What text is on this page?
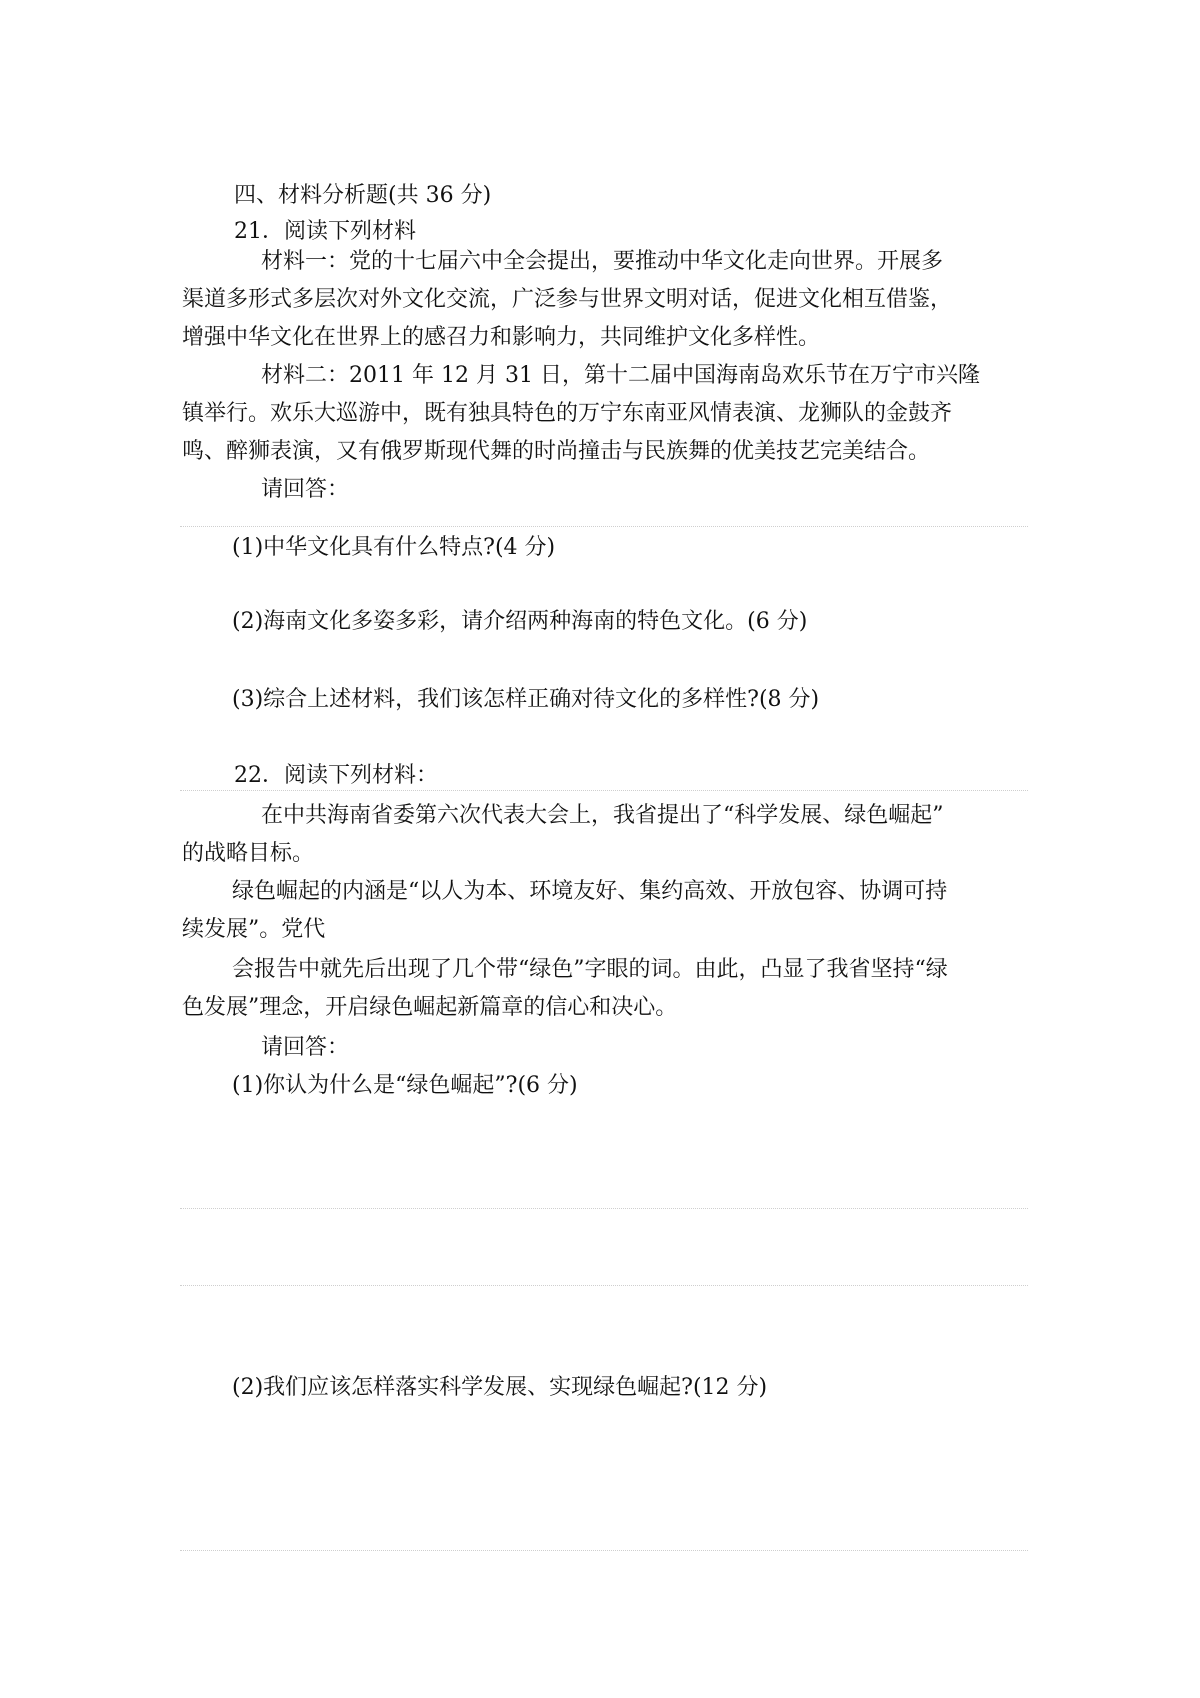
四、材料分析题(共 36 分)
21．阅读下列材料
材料一：党的十七届六中全会提出，要推动中华文化走向世界。开展多
渠道多形式多层次对外文化交流，广泛参与世界文明对话，促进文化相互借鉴，
增强中华文化在世界上的感召力和影响力，共同维护文化多样性。
材料二：2011 年 12 月 31 日，第十二届中国海南岛欢乐节在万宁市兴隆
镇举行。欢乐大巡游中，既有独具特色的万宁东南亚风情表演、龙狮队的金鼓齐
鸣、醉狮表演，又有俄罗斯现代舞的时尚撞击与民族舞的优美技艺完美结合。
请回答：
(1)中华文化具有什么特点?(4 分)
(2)海南文化多姿多彩，请介绍两种海南的特色文化。(6 分)
(3)综合上述材料，我们该怎样正确对待文化的多样性?(8 分)
22．阅读下列材料：
在中共海南省委第六次代表大会上，我省提出了“科学发展、绿色崛起”
的战略目标。
绿色崛起的内涵是“以人为本、环境友好、集约高效、开放包容、协调可持
续发展”。党代
会报告中就先后出现了几个带“绿色”字眼的词。由此，凸显了我省坚持“绿
色发展”理念，开启绿色崛起新篇章的信心和决心。
请回答：
(1)你认为什么是“绿色崛起”?(6 分)
(2)我们应该怎样落实科学发展、实现绿色崛起?(12 分)
